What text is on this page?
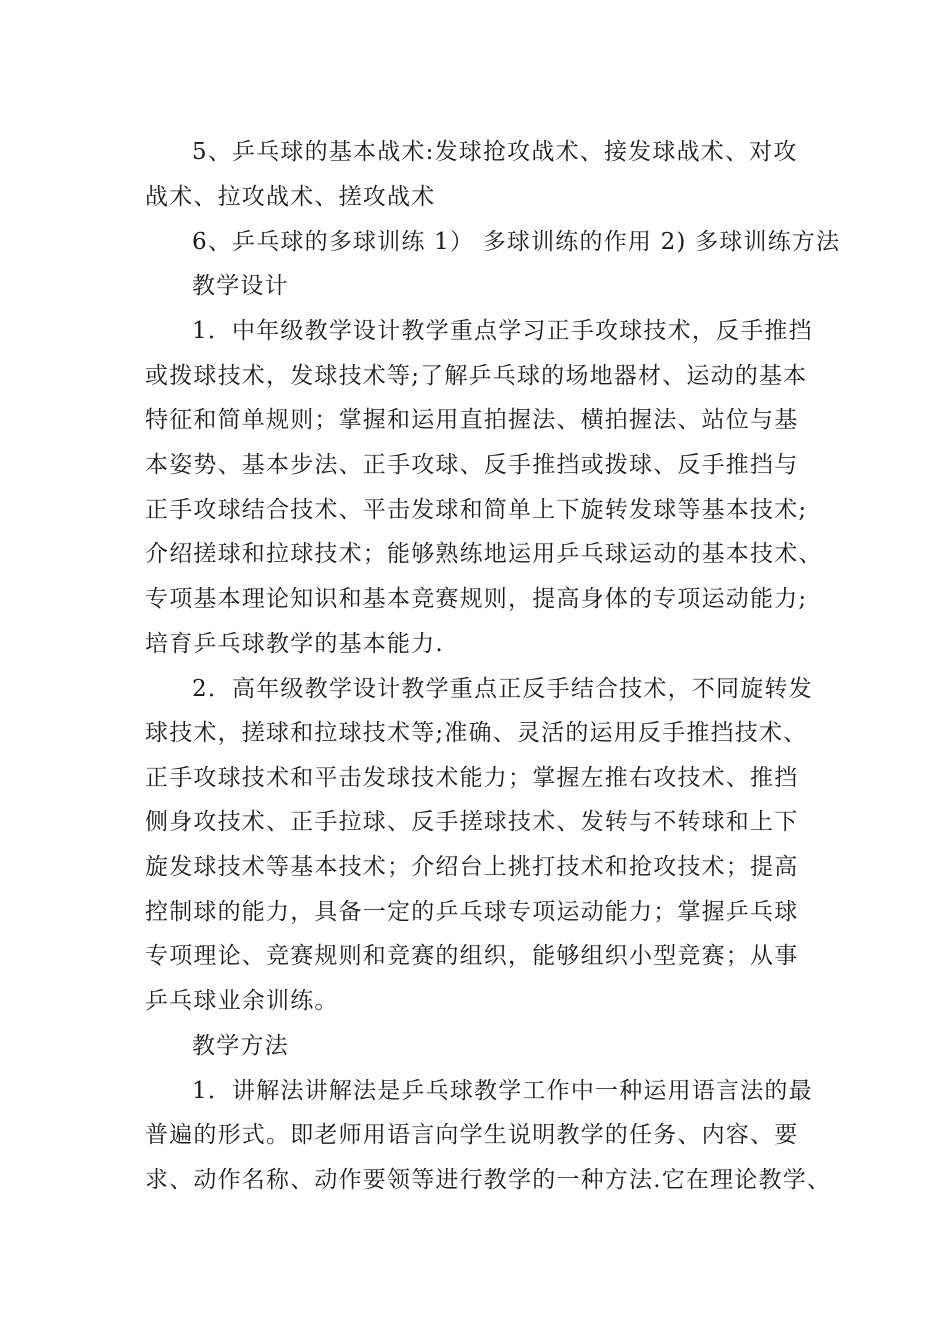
5、乒乓球的基本战术:发球抢攻战术、接发球战术、对攻

战术、拉攻战术、搓攻战术

6、乒乓球的多球训练 1） 多球训练的作用 2) 多球训练方法

教学设计

1．中年级教学设计教学重点学习正手攻球技术，反手推挡

或拨球技术，发球技术等;了解乒乓球的场地器材、运动的基本

特征和简单规则；掌握和运用直拍握法、横拍握法、站位与基

本姿势、基本步法、正手攻球、反手推挡或拨球、反手推挡与

正手攻球结合技术、平击发球和简单上下旋转发球等基本技术;

介绍搓球和拉球技术；能够熟练地运用乒乓球运动的基本技术、

专项基本理论知识和基本竞赛规则，提高身体的专项运动能力;

培育乒乓球教学的基本能力.

2．高年级教学设计教学重点正反手结合技术，不同旋转发

球技术，搓球和拉球技术等;准确、灵活的运用反手推挡技术、

正手攻球技术和平击发球技术能力；掌握左推右攻技术、推挡

侧身攻技术、正手拉球、反手搓球技术、发转与不转球和上下

旋发球技术等基本技术；介绍台上挑打技术和抢攻技术；提高

控制球的能力，具备一定的乒乓球专项运动能力；掌握乒乓球

专项理论、竞赛规则和竞赛的组织，能够组织小型竞赛；从事

乒乓球业余训练。

教学方法

1．讲解法讲解法是乒乓球教学工作中一种运用语言法的最

普遍的形式。即老师用语言向学生说明教学的任务、内容、要

求、动作名称、动作要领等进行教学的一种方法.它在理论教学、
